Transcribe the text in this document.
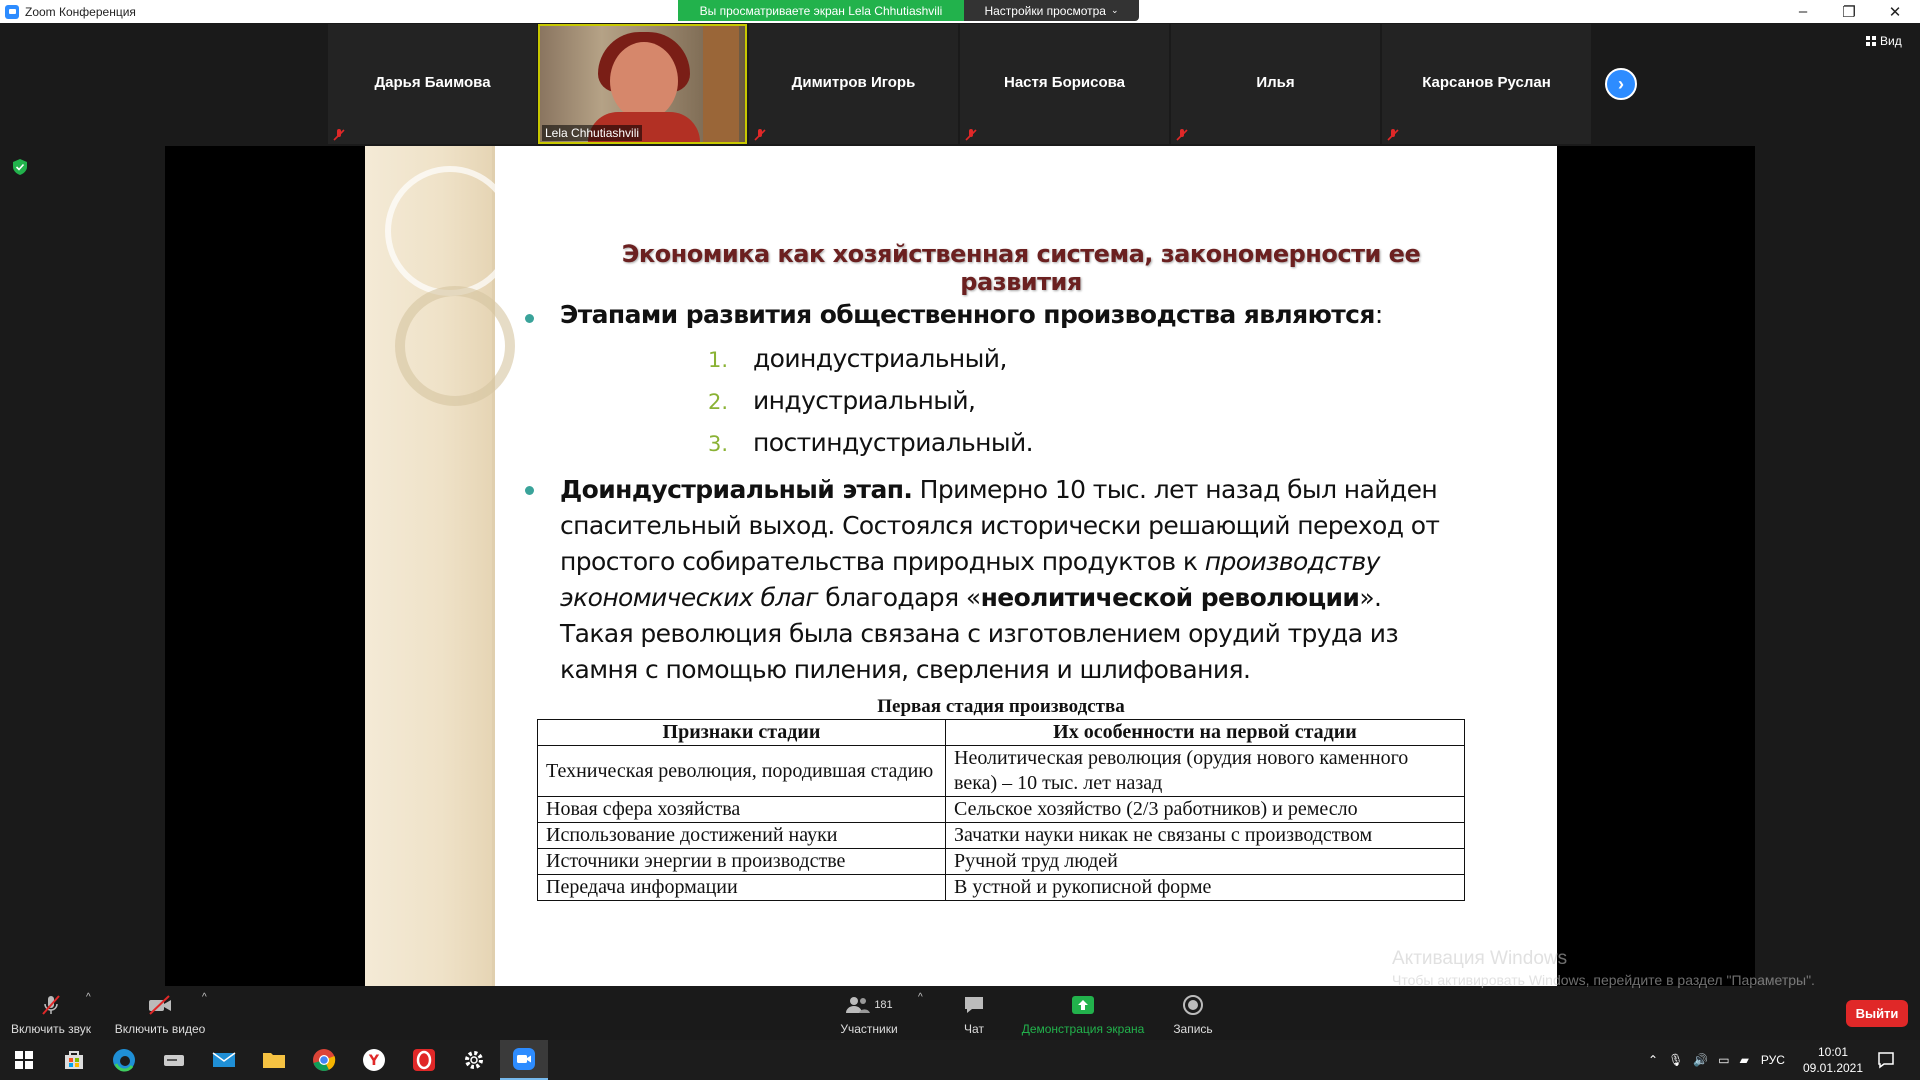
Zoom Конференция	Вы просматриваете экран Lela Chhutiashvili	Настройки просмотра ⌄	–	❐	✕
Дарья Баимова
Lela Chhutiashvili
Димитров Игорь	Настя Борисова	Илья	Карсанов Руслан	›
Вид
Экономика как хозяйственная система, закономерности ее развития
Этапами развития общественного производства являются:
1. доиндустриальный,
2. индустриальный,
3. постиндустриальный.
Доиндустриальный этап. Примерно 10 тыс. лет назад был найден спасительный выход. Состоялся исторически решающий переход от простого собирательства природных продуктов к производству экономических благ благодаря «неолитической революции». Такая революция была связана с изготовлением орудий труда из камня с помощью пиления, сверления и шлифования.
Первая стадия производства
Признаки стадии	Их особенности на первой стадии
Техническая революция, породившая стадию	Неолитическая революция (орудия нового каменного века) – 10 тыс. лет назад
Новая сфера хозяйства	Сельское хозяйство (2/3 работников) и ремесло
Использование достижений науки	Зачатки науки никак не связаны с производством
Источники энергии в производстве	Ручной труд людей
Передача информации	В устной и рукописной форме
Активация Windows
Чтобы активировать Windows, перейдите в раздел "Параметры".
Включить звук
^
Включить видео
^
181
Участники
^
Чат	Демонстрация экрана Запись
Выйти
Y	⌃ 🎙 🔊 ▭ ▰ РУС
10:01
09.01.2021
